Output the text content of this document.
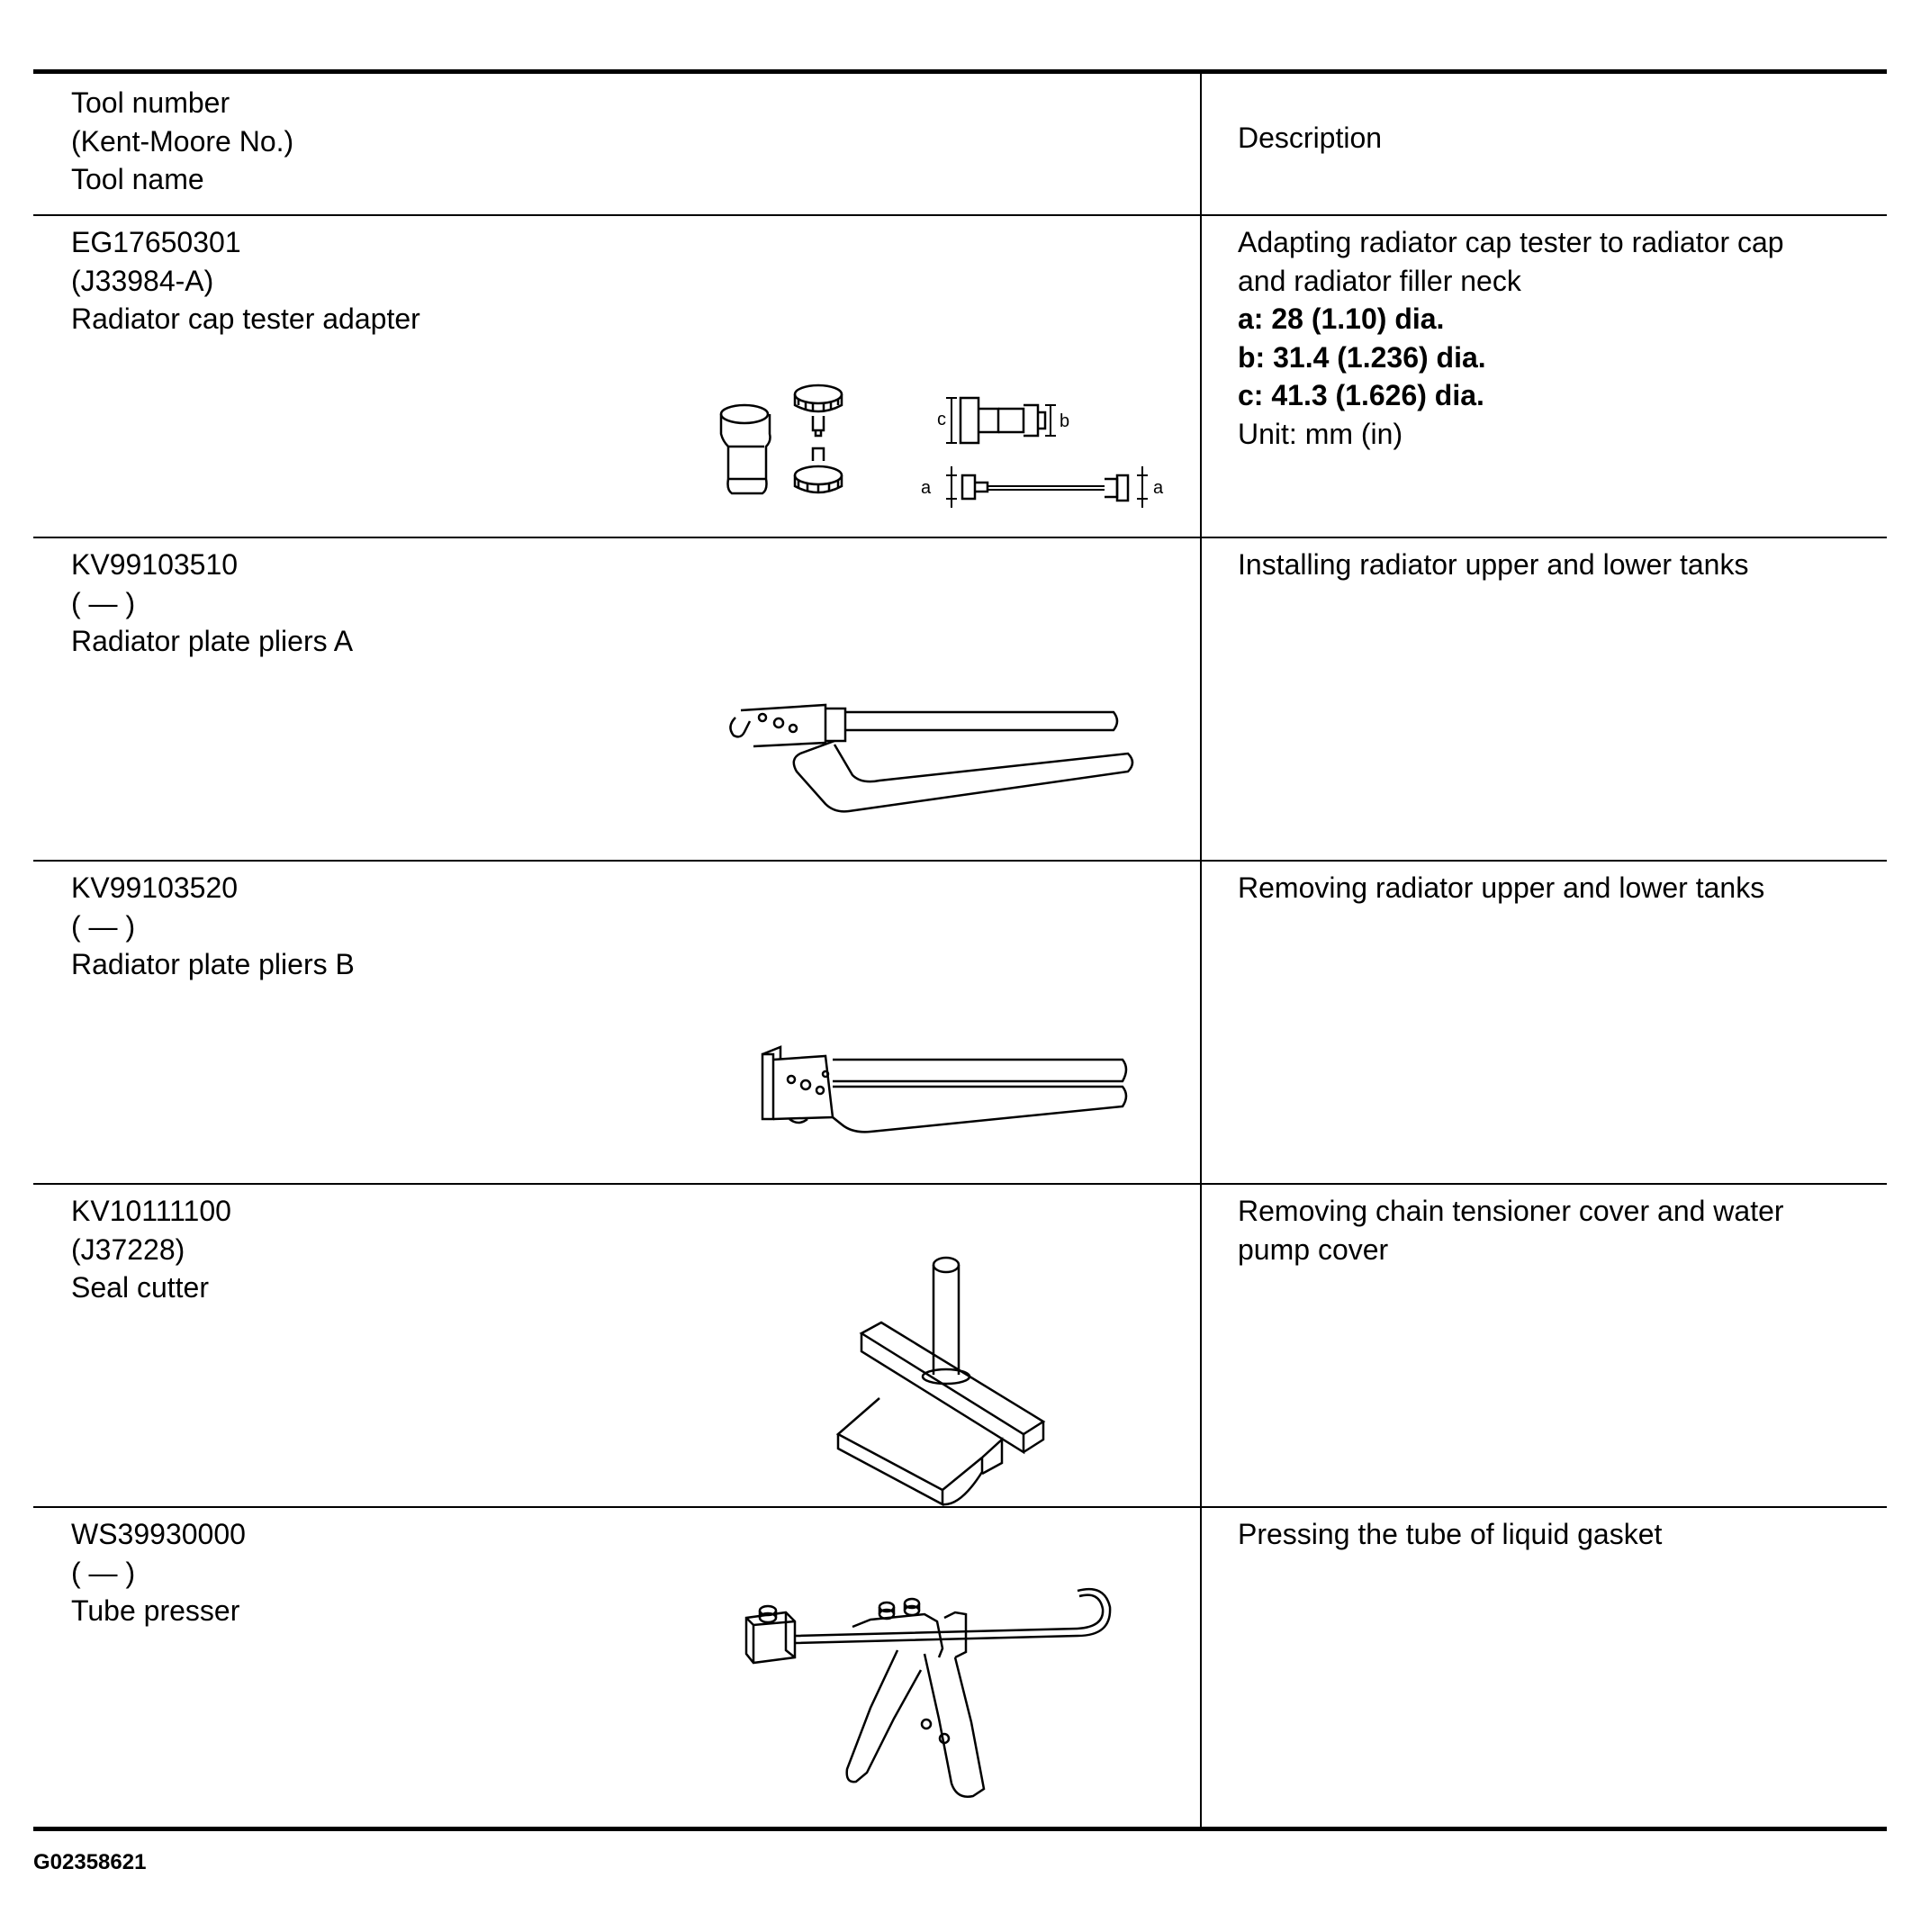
Tool number
(Kent-Moore No.)
Tool name
Description
EG17650301
(J33984-A)
Radiator cap tester adapter
Adapting radiator cap tester to radiator cap
and radiator filler neck
a: 28 (1.10) dia.
b: 31.4 (1.236) dia.
c: 41.3 (1.626) dia.
Unit: mm (in)
c	b
a	a
KV99103510
( — )
Radiator plate pliers A
Installing radiator upper and lower tanks
KV99103520
( — )
Radiator plate pliers B
Removing radiator upper and lower tanks
KV10111100
(J37228)
Seal cutter
Removing chain tensioner cover and water
pump cover
WS39930000
( — )
Tube presser
Pressing the tube of liquid gasket
G02358621
